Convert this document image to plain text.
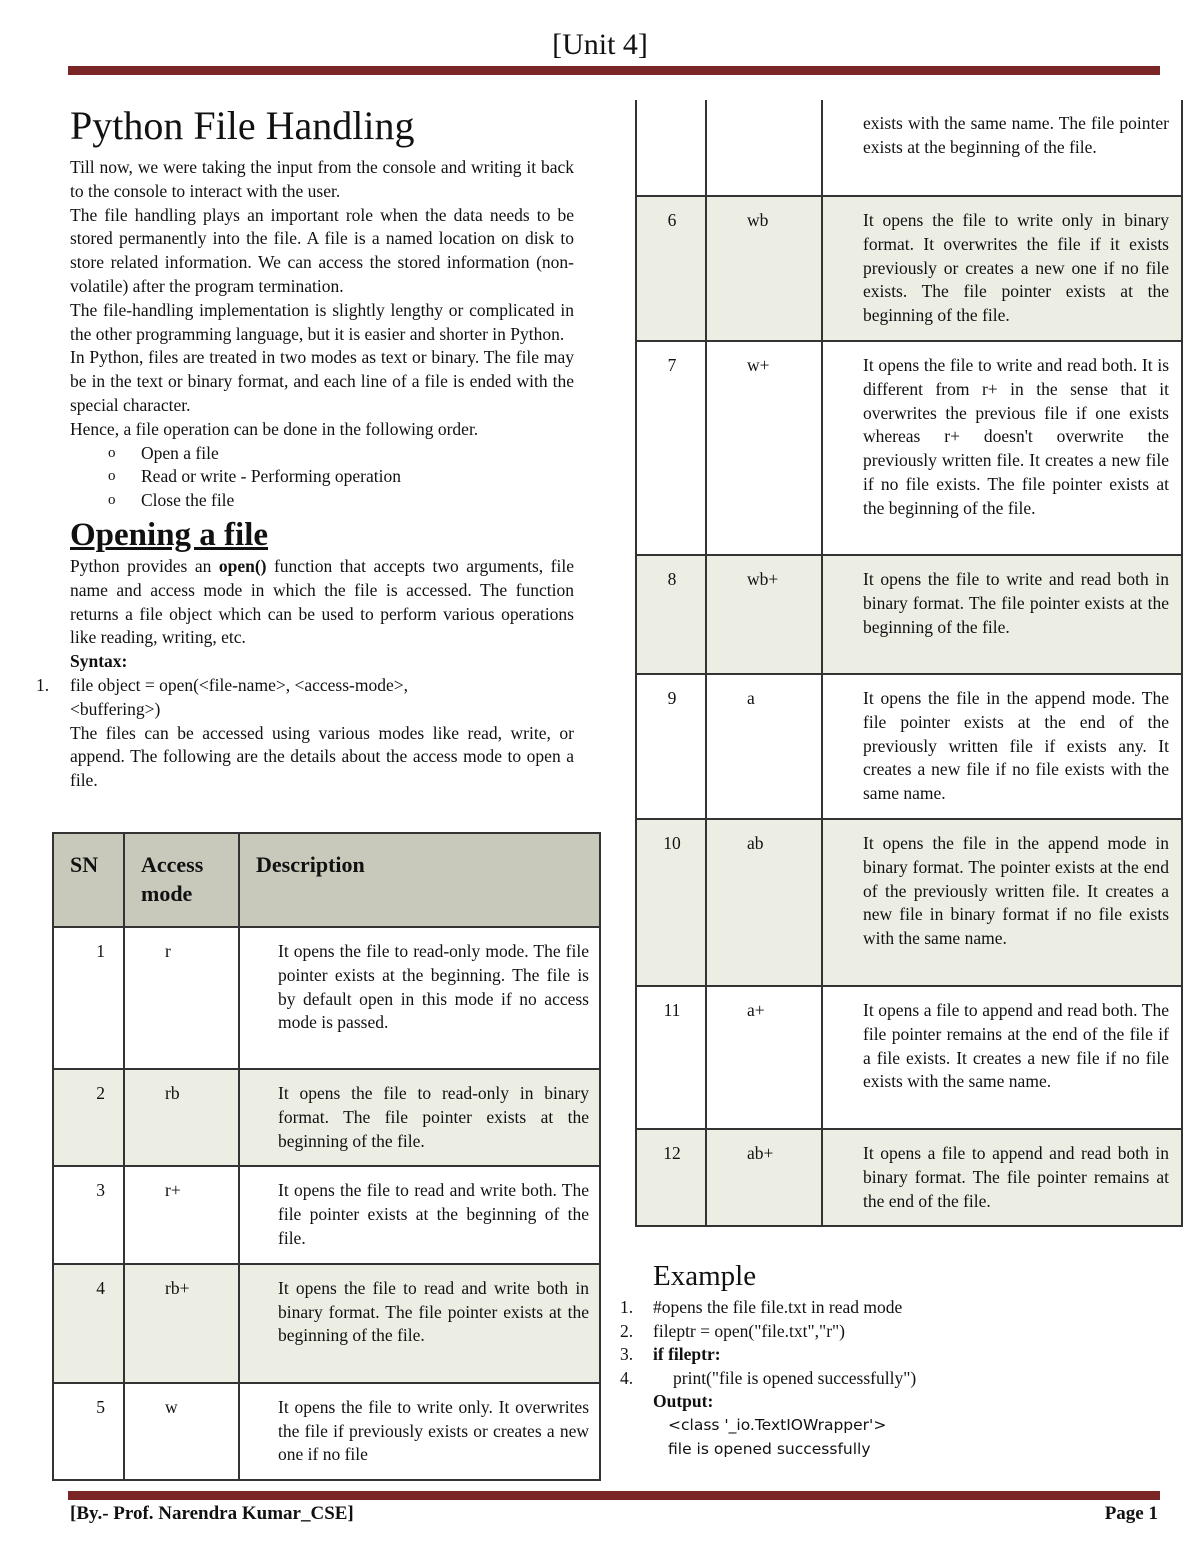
[Unit 4]
Python File Handling

Till now, we were taking the input from the console and writing it back to the console to interact with the user.

The file handling plays an important role when the data needs to be stored permanently into the file. A file is a named location on disk to store related information. We can access the stored information (non-volatile) after the program termination.

The file-handling implementation is slightly lengthy or complicated in the other programming language, but it is easier and shorter in Python.

In Python, files are treated in two modes as text or binary. The file may be in the text or binary format, and each line of a file is ended with the special character.

Hence, a file operation can be done in the following order.

o	Open a file
o	Read or write - Performing operation
o	Close the file
Opening a file

Python provides an open() function that accepts two arguments, file name and access mode in which the file is accessed. The function returns a file object which can be used to perform various operations like reading, writing, etc.

Syntax:
1. file object = open(<file-name>, <access-mode>, <buffering>)

The files can be accessed using various modes like read, write, or append. The following are the details about the access mode to open a file.

SN	Access mode	Description
1	r	It opens the file to read-only mode. The file pointer exists at the beginning. The file is by default open in this mode if no access mode is passed.
2	rb	It opens the file to read-only in binary format. The file pointer exists at the beginning of the file.
3	r+	It opens the file to read and write both. The file pointer exists at the beginning of the file.
4	rb+	It opens the file to read and write both in binary format. The file pointer exists at the beginning of the file.
5	w	It opens the file to write only. It overwrites the file if previously exists or creates a new one if no file
		exists with the same name. The file pointer exists at the beginning of the file.
6	wb	It opens the file to write only in binary format. It overwrites the file if it exists previously or creates a new one if no file exists. The file pointer exists at the beginning of the file.
7	w+	It opens the file to write and read both. It is different from r+ in the sense that it overwrites the previous file if one exists whereas r+ doesn't overwrite the previously written file. It creates a new file if no file exists. The file pointer exists at the beginning of the file.
8	wb+	It opens the file to write and read both in binary format. The file pointer exists at the beginning of the file.
9	a	It opens the file in the append mode. The file pointer exists at the end of the previously written file if exists any. It creates a new file if no file exists with the same name.
10	ab	It opens the file in the append mode in binary format. The pointer exists at the end of the previously written file. It creates a new file in binary format if no file exists with the same name.
11	a+	It opens a file to append and read both. The file pointer remains at the end of the file if a file exists. It creates a new file if no file exists with the same name.
12	ab+	It opens a file to append and read both in binary format. The file pointer remains at the end of the file.
Example
1.	#opens the file file.txt in read mode
2.	fileptr = open("file.txt","r")
3.	if fileptr:
4.	print("file is opened successfully")
Output:
<class '_io.TextIOWrapper'>
file is opened successfully
[By.- Prof. Narendra Kumar_CSE]	Page 1
